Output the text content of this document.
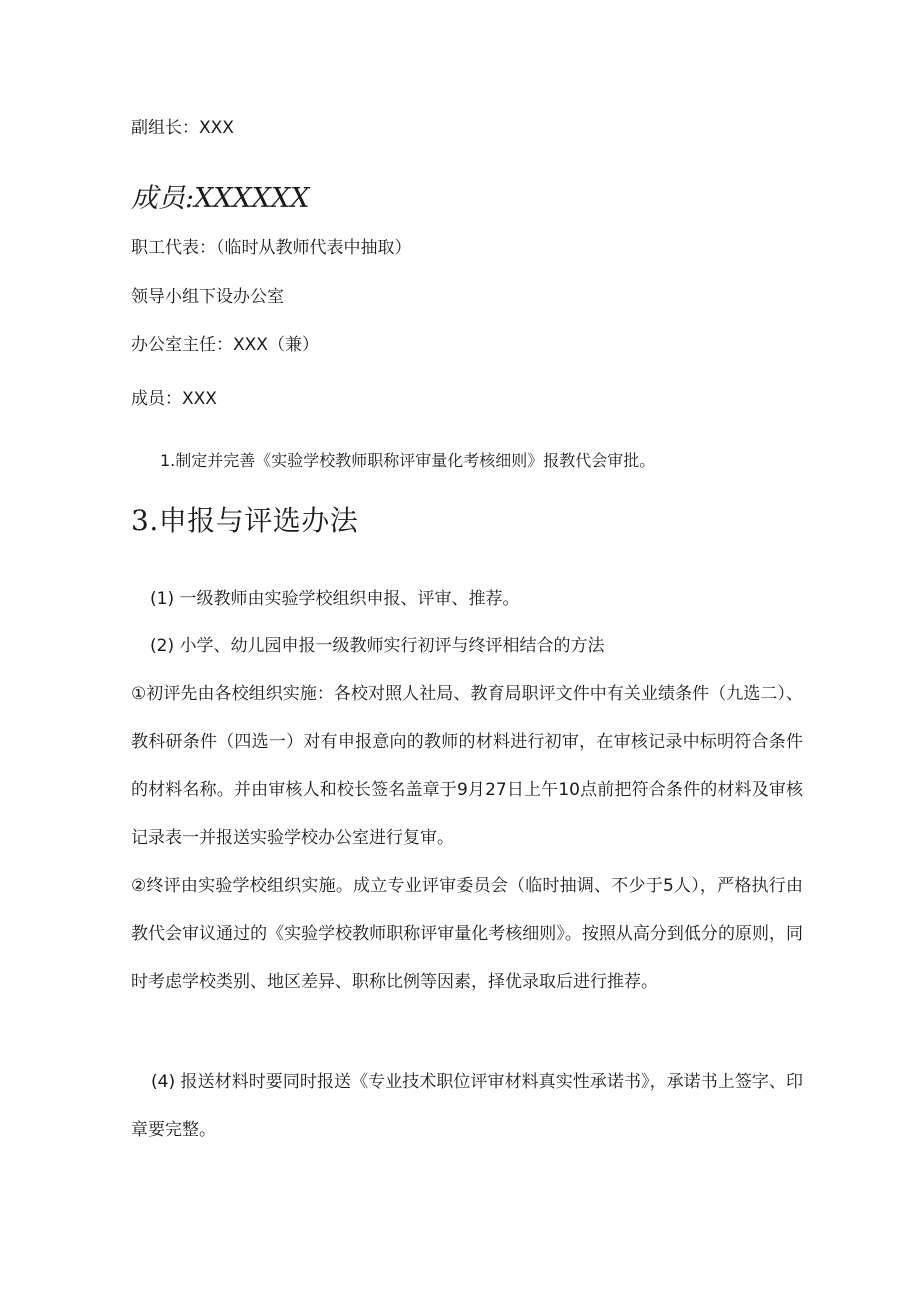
副组长：XXX
成员:XXXXXX
职工代表：（临时从教师代表中抽取）
领导小组下设办公室
办公室主任：XXX（兼）
成员：XXX
1.制定并完善《实验学校教师职称评审量化考核细则》报教代会审批。
3.申报与评选办法
(1) 一级教师由实验学校组织申报、评审、推荐。
(2) 小学、幼儿园申报一级教师实行初评与终评相结合的方法
①初评先由各校组织实施：各校对照人社局、教育局职评文件中有关业绩条件（九选二）、教科研条件（四选一）对有申报意向的教师的材料进行初审，在审核记录中标明符合条件的材料名称。并由审核人和校长签名盖章于9月27日上午10点前把符合条件的材料及审核记录表一并报送实验学校办公室进行复审。
②终评由实验学校组织实施。成立专业评审委员会（临时抽调、不少于5人），严格执行由教代会审议通过的《实验学校教师职称评审量化考核细则》。按照从高分到低分的原则，同时考虑学校类别、地区差异、职称比例等因素，择优录取后进行推荐。
(4) 报送材料时要同时报送《专业技术职位评审材料真实性承诺书》，承诺书上签字、印章要完整。
